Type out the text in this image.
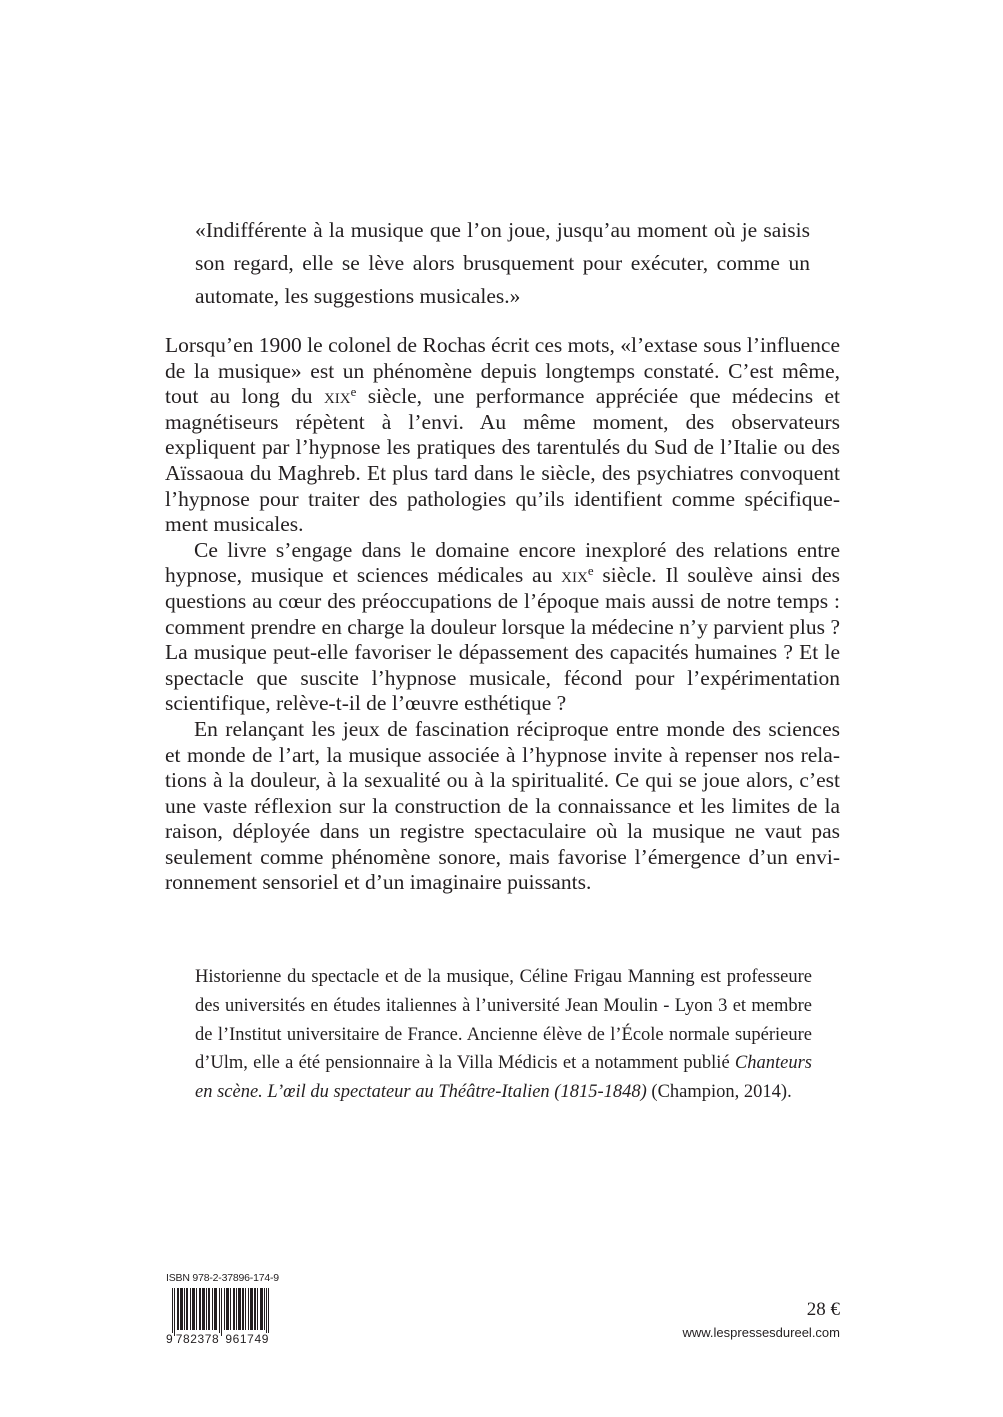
«Indifférente à la musique que l’on joue, jusqu’au moment où je saisis son regard, elle se lève alors brusquement pour exécuter, comme un automate, les suggestions musicales.»

Lorsqu’en 1900 le colonel de Rochas écrit ces mots, «l’extase sous l’influence de la musique» est un phénomène depuis longtemps constaté. C’est même, tout au long du xix$^e$ siècle, une performance appréciée que médecins et magnétiseurs répètent à l’envi. Au même moment, des observateurs expliquent par l’hypnose les pratiques des tarentulés du Sud de l’Italie ou des Aïssaoua du Maghreb. Et plus tard dans le siècle, des psychiatres convoquent l’hypnose pour traiter des pathologies qu’ils identifient comme spécifiquement musicales.

Ce livre s’engage dans le domaine encore inexploré des relations entre hypnose, musique et sciences médicales au xix$^e$ siècle. Il soulève ainsi des questions au cœur des préoccupations de l’époque mais aussi de notre temps : comment prendre en charge la douleur lorsque la médecine n’y parvient plus ? La musique peut-elle favoriser le dépassement des capacités humaines ? Et le spectacle que suscite l’hypnose musicale, fécond pour l’expérimentation scientifique, relève-t-il de l’œuvre esthétique ?

En relançant les jeux de fascination réciproque entre monde des sciences et monde de l’art, la musique associée à l’hypnose invite à repenser nos relations à la douleur, à la sexualité ou à la spiritualité. Ce qui se joue alors, c’est une vaste réflexion sur la construction de la connaissance et les limites de la raison, déployée dans un registre spectaculaire où la musique ne vaut pas seulement comme phénomène sonore, mais favorise l’émergence d’un environnement sensoriel et d’un imaginaire puissants.

Historienne du spectacle et de la musique, Céline Frigau Manning est professeure des universités en études italiennes à l’université Jean Moulin - Lyon 3 et membre de l’Institut universitaire de France. Ancienne élève de l’École normale supérieure d’Ulm, elle a été pensionnaire à la Villa Médicis et a notamment publié Chanteurs en scène. L’œil du spectateur au Théâtre-Italien (1815-1848) (Champion, 2014).

ISBN 978-2-37896-174-9
9 782378 961749
28 €
www.lespressesdureel.com
